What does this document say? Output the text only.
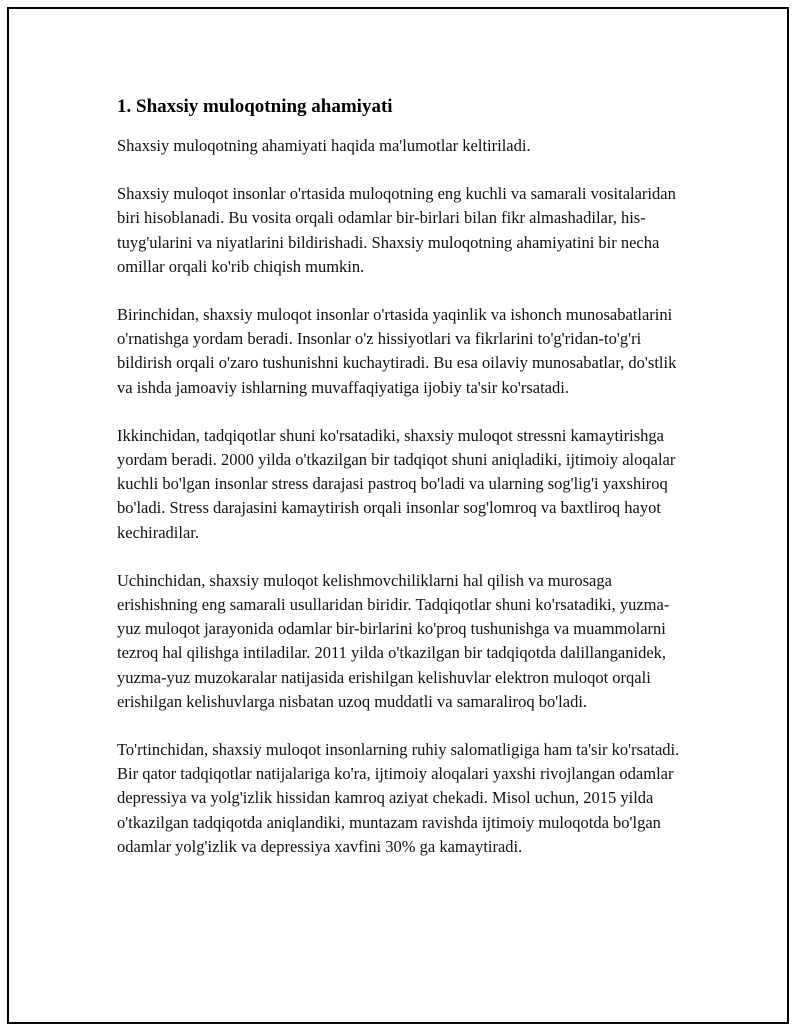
1. Shaxsiy muloqotning ahamiyati

Shaxsiy muloqotning ahamiyati haqida ma'lumotlar keltiriladi.

Shaxsiy muloqot insonlar o'rtasida muloqotning eng kuchli va samarali vositalaridan biri hisoblanadi. Bu vosita orqali odamlar bir-birlari bilan fikr almashadilar, his-tuyg'ularini va niyatlarini bildirishadi. Shaxsiy muloqotning ahamiyatini bir necha omillar orqali ko'rib chiqish mumkin.

Birinchidan, shaxsiy muloqot insonlar o'rtasida yaqinlik va ishonch munosabatlarini o'rnatishga yordam beradi. Insonlar o'z hissiyotlari va fikrlarini to'g'ridan-to'g'ri bildirish orqali o'zaro tushunishni kuchaytiradi. Bu esa oilaviy munosabatlar, do'stlik va ishda jamoaviy ishlarning muvaffaqiyatiga ijobiy ta'sir ko'rsatadi.

Ikkinchidan, tadqiqotlar shuni ko'rsatadiki, shaxsiy muloqot stressni kamaytirishga yordam beradi. 2000 yilda o'tkazilgan bir tadqiqot shuni aniqladiki, ijtimoiy aloqalar kuchli bo'lgan insonlar stress darajasi pastroq bo'ladi va ularning sog'lig'i yaxshiroq bo'ladi. Stress darajasini kamaytirish orqali insonlar sog'lomroq va baxtliroq hayot kechiradilar.

Uchinchidan, shaxsiy muloqot kelishmovchiliklarni hal qilish va murosaga erishishning eng samarali usullaridan biridir. Tadqiqotlar shuni ko'rsatadiki, yuzma-yuz muloqot jarayonida odamlar bir-birlarini ko'proq tushunishga va muammolarni tezroq hal qilishga intiladilar. 2011 yilda o'tkazilgan bir tadqiqotda dalillanganidek, yuzma-yuz muzokaralar natijasida erishilgan kelishuvlar elektron muloqot orqali erishilgan kelishuvlarga nisbatan uzoq muddatli va samaraliroq bo'ladi.

To'rtinchidan, shaxsiy muloqot insonlarning ruhiy salomatligiga ham ta'sir ko'rsatadi. Bir qator tadqiqotlar natijalariga ko'ra, ijtimoiy aloqalari yaxshi rivojlangan odamlar depressiya va yolg'izlik hissidan kamroq aziyat chekadi. Misol uchun, 2015 yilda o'tkazilgan tadqiqotda aniqlandiki, muntazam ravishda ijtimoiy muloqotda bo'lgan odamlar yolg'izlik va depressiya xavfini 30% ga kamaytiradi.
